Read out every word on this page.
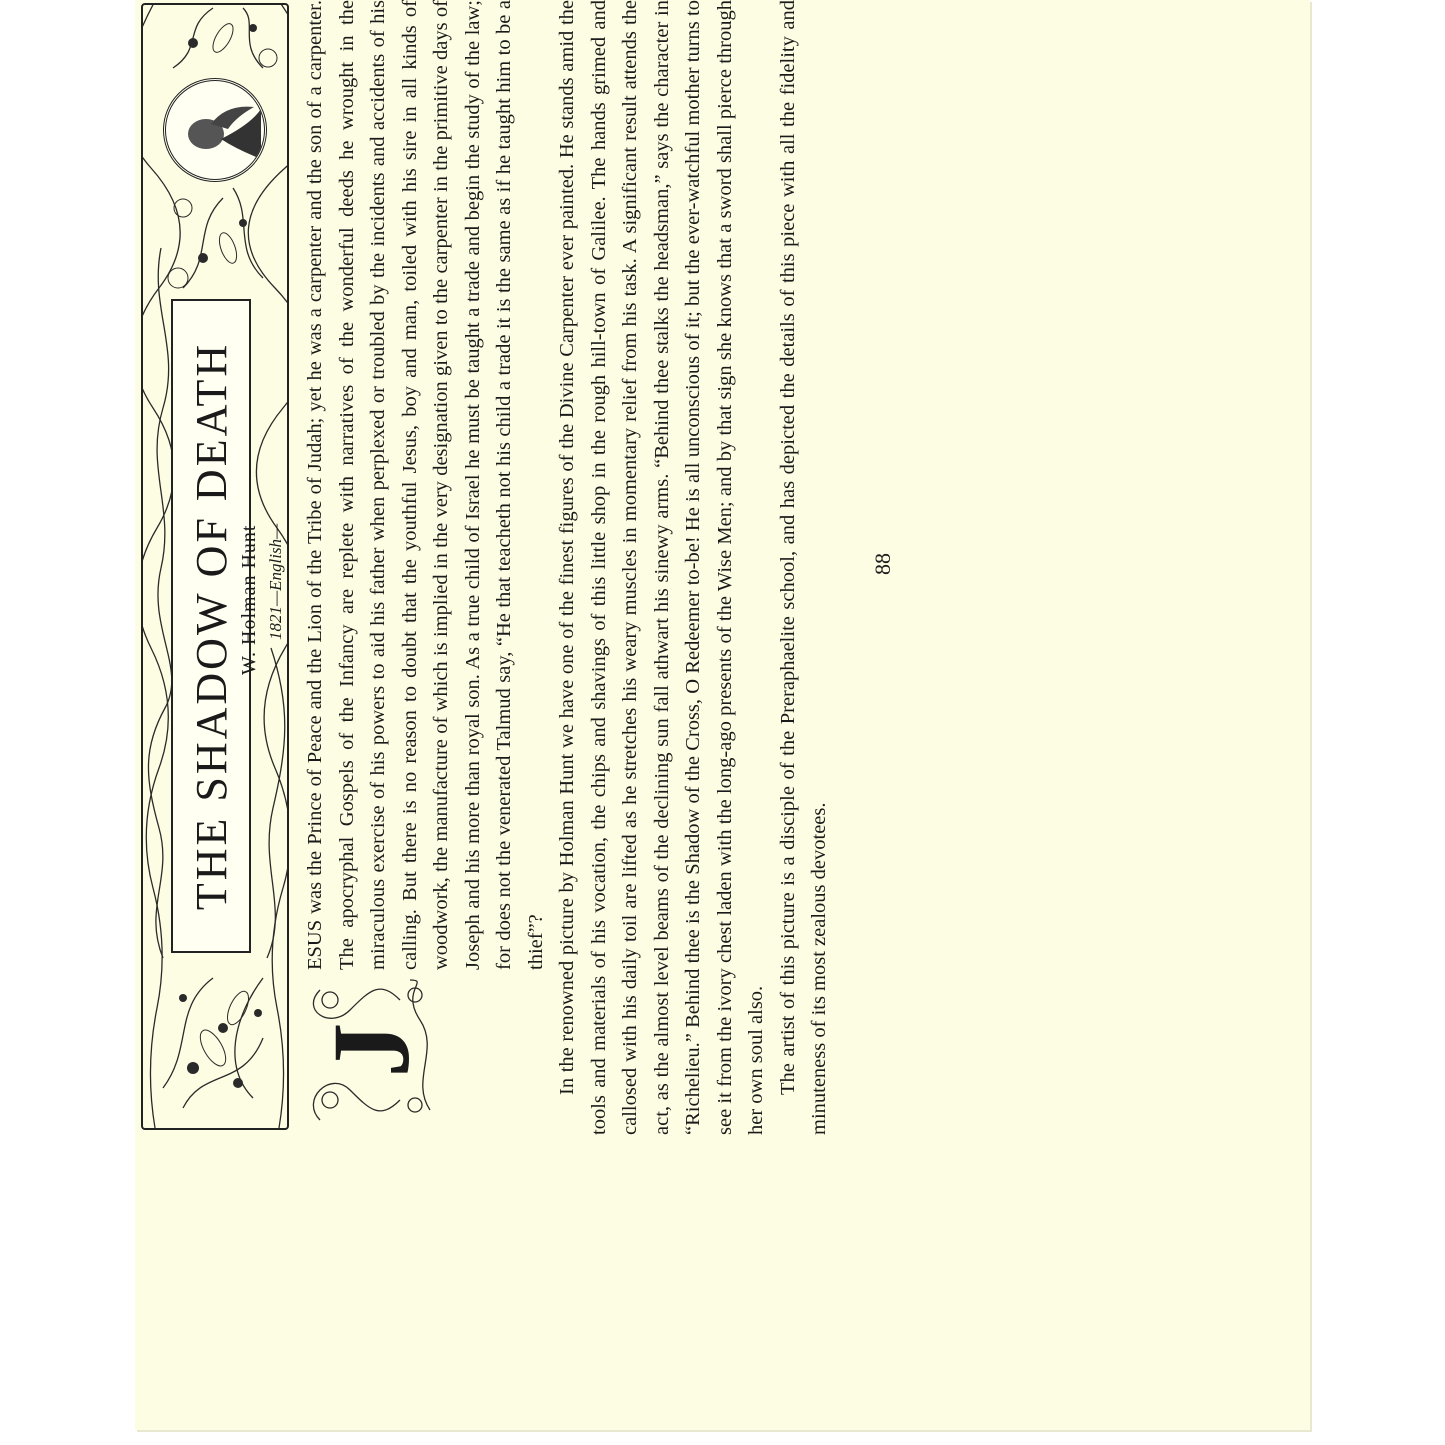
THE SHADOW OF DEATH W. Holman Hunt 1821—English—
J

ESUS was the Prince of Peace and the Lion of the Tribe of Judah; yet he was a carpenter and the son of a carpenter. The apocryphal Gospels of the Infancy are replete with narratives of the wonderful deeds he wrought in the miraculous exercise of his powers to aid his father when perplexed or troubled by the incidents and accidents of his calling. But there is no reason to doubt that the youthful Jesus, boy and man, toiled with his sire in all kinds of woodwork, the manufacture of which is implied in the very designation given to the carpenter in the primitive days of Joseph and his more than royal son. As a true child of Israel he must be taught a trade and begin the study of the law; for does not the venerated Talmud say, “He that teacheth not his child a trade it is the same as if he taught him to be a thief”? In the renowned picture by Holman Hunt we have one of the finest figures of the Divine Carpenter ever painted. He stands amid the tools and materials of his vocation, the chips and shavings of this little shop in the rough hill-town of Galilee. The hands grimed and callosed with his daily toil are lifted as he stretches his weary muscles in momentary relief from his task. A significant result attends the act, as the almost level beams of the declining sun fall athwart his sinewy arms. “Behind thee stalks the headsman,” says the character in “Richelieu.” Behind thee is the Shadow of the Cross, O Redeemer to-be! He is all unconscious of it; but the ever-watchful mother turns to see it from the ivory chest laden with the long-ago presents of the Wise Men; and by that sign she knows that a sword shall pierce through her own soul also. The artist of this picture is a disciple of the Preraphaelite school, and has depicted the details of this piece with all the fidelity and minuteness of its most zealous devotees.

88
